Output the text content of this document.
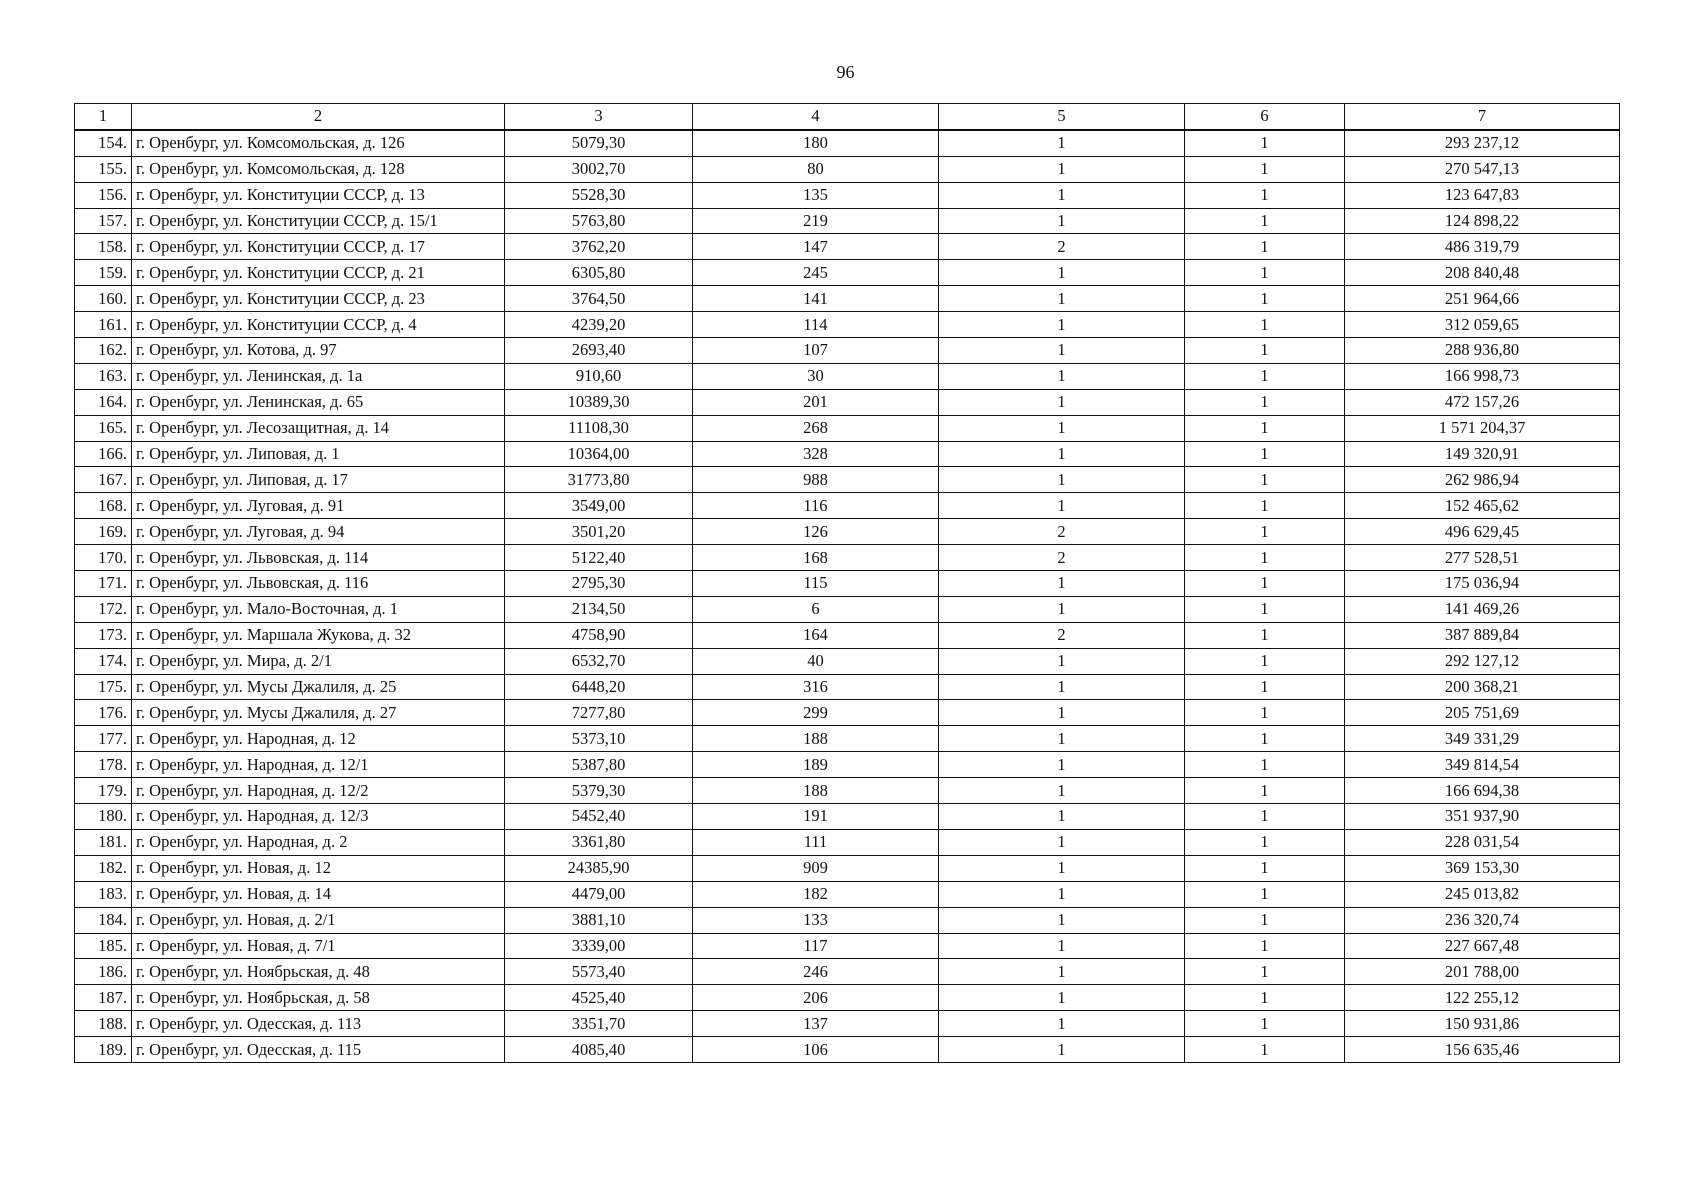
96
1	2	3	4	5	6	7
154.	г. Оренбург, ул. Комсомольская, д. 126	5079,30	180	1	1	293 237,12
155.	г. Оренбург, ул. Комсомольская, д. 128	3002,70	80	1	1	270 547,13
156.	г. Оренбург, ул. Конституции СССР, д. 13	5528,30	135	1	1	123 647,83
157.	г. Оренбург, ул. Конституции СССР, д. 15/1	5763,80	219	1	1	124 898,22
158.	г. Оренбург, ул. Конституции СССР, д. 17	3762,20	147	2	1	486 319,79
159.	г. Оренбург, ул. Конституции СССР, д. 21	6305,80	245	1	1	208 840,48
160.	г. Оренбург, ул. Конституции СССР, д. 23	3764,50	141	1	1	251 964,66
161.	г. Оренбург, ул. Конституции СССР, д. 4	4239,20	114	1	1	312 059,65
162.	г. Оренбург, ул. Котова, д. 97	2693,40	107	1	1	288 936,80
163.	г. Оренбург, ул. Ленинская, д. 1а	910,60	30	1	1	166 998,73
164.	г. Оренбург, ул. Ленинская, д. 65	10389,30	201	1	1	472 157,26
165.	г. Оренбург, ул. Лесозащитная, д. 14	11108,30	268	1	1	1 571 204,37
166.	г. Оренбург, ул. Липовая, д. 1	10364,00	328	1	1	149 320,91
167.	г. Оренбург, ул. Липовая, д. 17	31773,80	988	1	1	262 986,94
168.	г. Оренбург, ул. Луговая, д. 91	3549,00	116	1	1	152 465,62
169.	г. Оренбург, ул. Луговая, д. 94	3501,20	126	2	1	496 629,45
170.	г. Оренбург, ул. Львовская, д. 114	5122,40	168	2	1	277 528,51
171.	г. Оренбург, ул. Львовская, д. 116	2795,30	115	1	1	175 036,94
172.	г. Оренбург, ул. Мало-Восточная, д. 1	2134,50	6	1	1	141 469,26
173.	г. Оренбург, ул. Маршала Жукова, д. 32	4758,90	164	2	1	387 889,84
174.	г. Оренбург, ул. Мира, д. 2/1	6532,70	40	1	1	292 127,12
175.	г. Оренбург, ул. Мусы Джалиля, д. 25	6448,20	316	1	1	200 368,21
176.	г. Оренбург, ул. Мусы Джалиля, д. 27	7277,80	299	1	1	205 751,69
177.	г. Оренбург, ул. Народная, д. 12	5373,10	188	1	1	349 331,29
178.	г. Оренбург, ул. Народная, д. 12/1	5387,80	189	1	1	349 814,54
179.	г. Оренбург, ул. Народная, д. 12/2	5379,30	188	1	1	166 694,38
180.	г. Оренбург, ул. Народная, д. 12/3	5452,40	191	1	1	351 937,90
181.	г. Оренбург, ул. Народная, д. 2	3361,80	111	1	1	228 031,54
182.	г. Оренбург, ул. Новая, д. 12	24385,90	909	1	1	369 153,30
183.	г. Оренбург, ул. Новая, д. 14	4479,00	182	1	1	245 013,82
184.	г. Оренбург, ул. Новая, д. 2/1	3881,10	133	1	1	236 320,74
185.	г. Оренбург, ул. Новая, д. 7/1	3339,00	117	1	1	227 667,48
186.	г. Оренбург, ул. Ноябрьская, д. 48	5573,40	246	1	1	201 788,00
187.	г. Оренбург, ул. Ноябрьская, д. 58	4525,40	206	1	1	122 255,12
188.	г. Оренбург, ул. Одесская, д. 113	3351,70	137	1	1	150 931,86
189.	г. Оренбург, ул. Одесская, д. 115	4085,40	106	1	1	156 635,46
